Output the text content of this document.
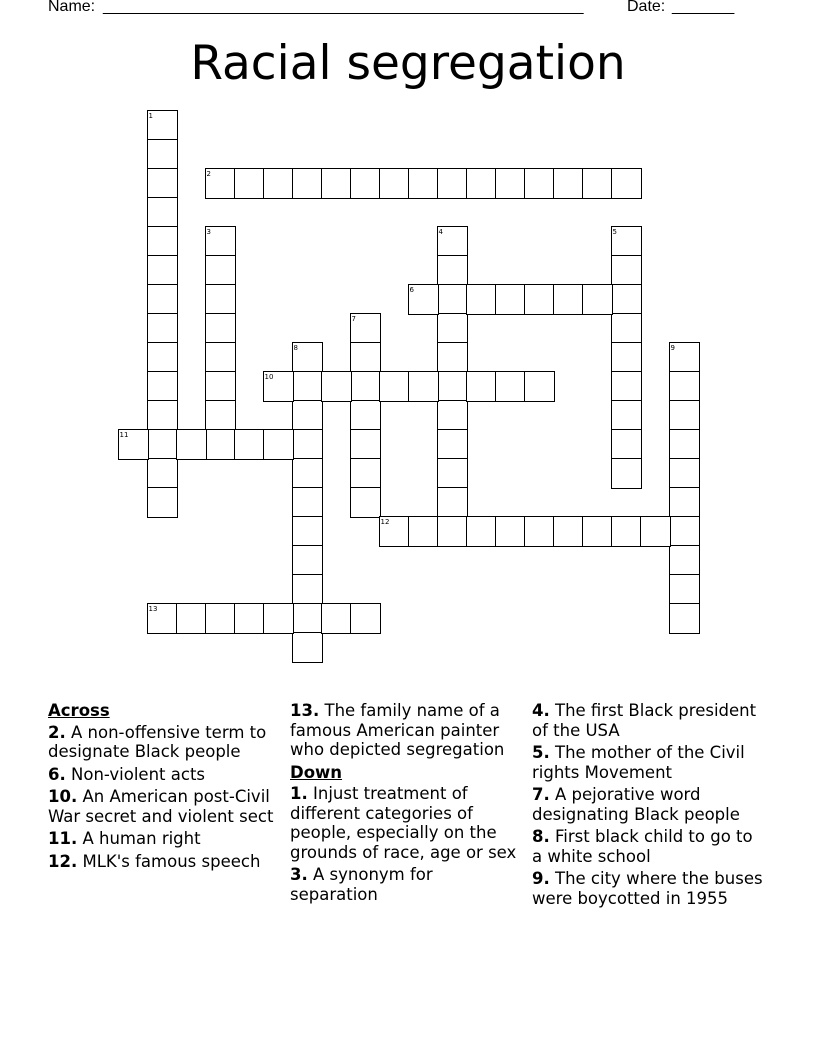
Name: ______________________________________________________	Date: _______
Racial segregation
1
2
3	4	5
6
7
8	9
10
11
12
13
Across
2. A non-offensive term to designate Black people
6. Non-violent acts
10. An American post-Civil War secret and violent sect
11. A human right
12. MLK's famous speech
13. The family name of a famous American painter who depicted segregation
Down
1. Injust treatment of different categories of people, especially on the grounds of race, age or sex
3. A synonym for separation
4. The first Black president of the USA
5. The mother of the Civil rights Movement
7. A pejorative word designating Black people
8. First black child to go to a white school
9. The city where the buses were boycotted in 1955
